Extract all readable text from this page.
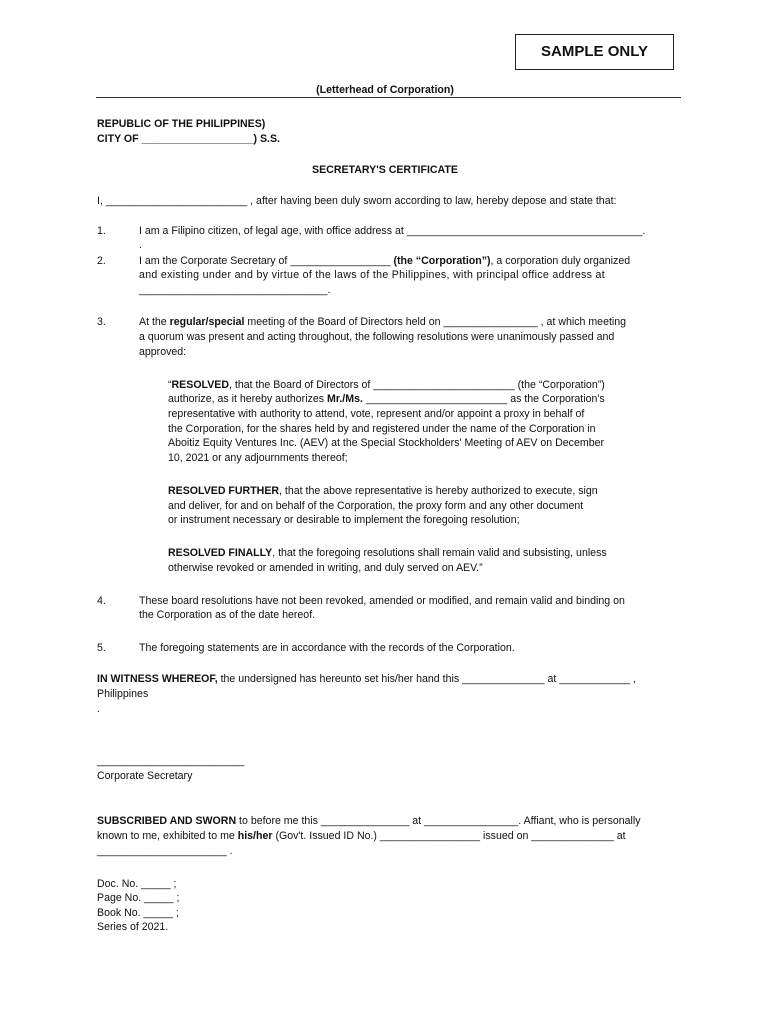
SAMPLE ONLY
(Letterhead of Corporation)
REPUBLIC OF THE PHILIPPINES)
CITY OF ___________________) S.S.
SECRETARY'S CERTIFICATE
I, ________________________ , after having been duly sworn according to law, hereby depose and state that:
1.	I am a Filipino citizen, of legal age, with office address at ________________________________________.
.
2.	I am the Corporate Secretary of _________________ (the “Corporation”), a corporation duly organized
and existing under and by virtue of the laws of the Philippines, with principal office address at
________________________________.
3.	At the regular/special meeting of the Board of Directors held on ________________ , at which meeting
a quorum was present and acting throughout, the following resolutions were unanimously passed and
approved:
“RESOLVED, that the Board of Directors of ________________________ (the “Corporation”)
authorize, as it hereby authorizes Mr./Ms. ________________________ as the Corporation's
representative with authority to attend, vote, represent and/or appoint a proxy in behalf of
the Corporation, for the shares held by and registered under the name of the Corporation in
Aboitiz Equity Ventures Inc. (AEV) at the Special Stockholders' Meeting of AEV on December
10, 2021 or any adjournments thereof;
RESOLVED FURTHER, that the above representative is hereby authorized to execute, sign
and deliver, for and on behalf of the Corporation, the proxy form and any other document
or instrument necessary or desirable to implement the foregoing resolution;
RESOLVED FINALLY, that the foregoing resolutions shall remain valid and subsisting, unless
otherwise revoked or amended in writing, and duly served on AEV.”
4.	These board resolutions have not been revoked, amended or modified, and remain valid and binding on
the Corporation as of the date hereof.
5.	The foregoing statements are in accordance with the records of the Corporation.
IN WITNESS WHEREOF, the undersigned has hereunto set his/her hand this ______________ at ____________ ,
Philippines
.
_________________________
Corporate Secretary
SUBSCRIBED AND SWORN to before me this _______________ at ________________. Affiant, who is personally
known to me, exhibited to me his/her (Gov't. Issued ID No.) _________________ issued on ______________ at
______________________ .
Doc. No. _____ ;
Page No. _____ ;
Book No. _____ ;
Series of 2021.
